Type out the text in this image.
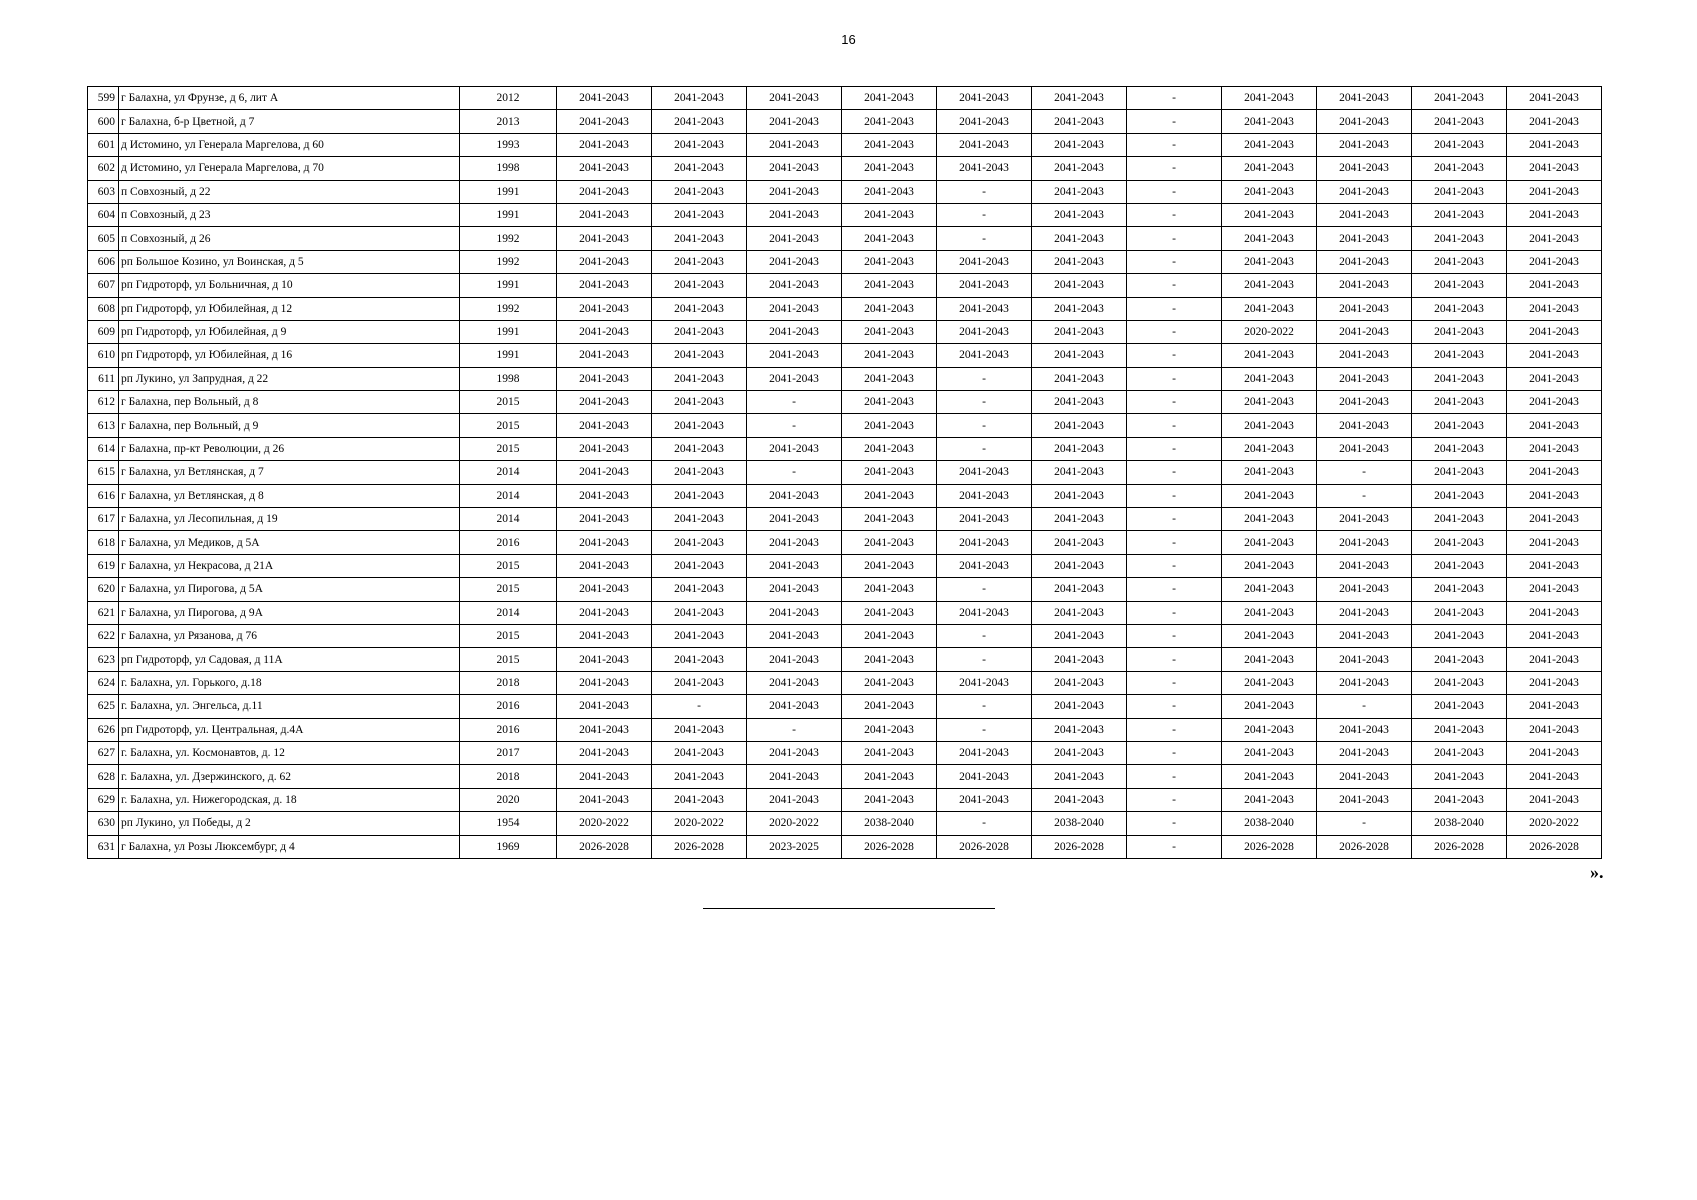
16
599	г Балахна, ул Фрунзе, д 6, лит А	2012	2041-2043	2041-2043	2041-2043	2041-2043	2041-2043	2041-2043	-	2041-2043	2041-2043	2041-2043	2041-2043
600	г Балахна, б-р Цветной, д 7	2013	2041-2043	2041-2043	2041-2043	2041-2043	2041-2043	2041-2043	-	2041-2043	2041-2043	2041-2043	2041-2043
601	д Истомино, ул Генерала Маргелова, д 60	1993	2041-2043	2041-2043	2041-2043	2041-2043	2041-2043	2041-2043	-	2041-2043	2041-2043	2041-2043	2041-2043
602	д Истомино, ул Генерала Маргелова, д 70	1998	2041-2043	2041-2043	2041-2043	2041-2043	2041-2043	2041-2043	-	2041-2043	2041-2043	2041-2043	2041-2043
603	п Совхозный, д 22	1991	2041-2043	2041-2043	2041-2043	2041-2043	-	2041-2043	-	2041-2043	2041-2043	2041-2043	2041-2043
604	п Совхозный, д 23	1991	2041-2043	2041-2043	2041-2043	2041-2043	-	2041-2043	-	2041-2043	2041-2043	2041-2043	2041-2043
605	п Совхозный, д 26	1992	2041-2043	2041-2043	2041-2043	2041-2043	-	2041-2043	-	2041-2043	2041-2043	2041-2043	2041-2043
606	рп Большое Козино, ул Воинская, д 5	1992	2041-2043	2041-2043	2041-2043	2041-2043	2041-2043	2041-2043	-	2041-2043	2041-2043	2041-2043	2041-2043
607	рп Гидроторф, ул Больничная, д 10	1991	2041-2043	2041-2043	2041-2043	2041-2043	2041-2043	2041-2043	-	2041-2043	2041-2043	2041-2043	2041-2043
608	рп Гидроторф, ул Юбилейная, д 12	1992	2041-2043	2041-2043	2041-2043	2041-2043	2041-2043	2041-2043	-	2041-2043	2041-2043	2041-2043	2041-2043
609	рп Гидроторф, ул Юбилейная, д 9	1991	2041-2043	2041-2043	2041-2043	2041-2043	2041-2043	2041-2043	-	2020-2022	2041-2043	2041-2043	2041-2043
610	рп Гидроторф, ул Юбилейная, д 16	1991	2041-2043	2041-2043	2041-2043	2041-2043	2041-2043	2041-2043	-	2041-2043	2041-2043	2041-2043	2041-2043
611	рп Лукино, ул Запрудная, д 22	1998	2041-2043	2041-2043	2041-2043	2041-2043	-	2041-2043	-	2041-2043	2041-2043	2041-2043	2041-2043
612	г Балахна, пер Вольный, д 8	2015	2041-2043	2041-2043	-	2041-2043	-	2041-2043	-	2041-2043	2041-2043	2041-2043	2041-2043
613	г Балахна, пер Вольный, д 9	2015	2041-2043	2041-2043	-	2041-2043	-	2041-2043	-	2041-2043	2041-2043	2041-2043	2041-2043
614	г Балахна, пр-кт Революции, д 26	2015	2041-2043	2041-2043	2041-2043	2041-2043	-	2041-2043	-	2041-2043	2041-2043	2041-2043	2041-2043
615	г Балахна, ул Ветлянская, д 7	2014	2041-2043	2041-2043	-	2041-2043	2041-2043	2041-2043	-	2041-2043	-	2041-2043	2041-2043
616	г Балахна, ул Ветлянская, д 8	2014	2041-2043	2041-2043	2041-2043	2041-2043	2041-2043	2041-2043	-	2041-2043	-	2041-2043	2041-2043
617	г Балахна, ул Лесопильная, д 19	2014	2041-2043	2041-2043	2041-2043	2041-2043	2041-2043	2041-2043	-	2041-2043	2041-2043	2041-2043	2041-2043
618	г Балахна, ул Медиков, д 5А	2016	2041-2043	2041-2043	2041-2043	2041-2043	2041-2043	2041-2043	-	2041-2043	2041-2043	2041-2043	2041-2043
619	г Балахна, ул Некрасова, д 21А	2015	2041-2043	2041-2043	2041-2043	2041-2043	2041-2043	2041-2043	-	2041-2043	2041-2043	2041-2043	2041-2043
620	г Балахна, ул Пирогова, д 5А	2015	2041-2043	2041-2043	2041-2043	2041-2043	-	2041-2043	-	2041-2043	2041-2043	2041-2043	2041-2043
621	г Балахна, ул Пирогова, д 9А	2014	2041-2043	2041-2043	2041-2043	2041-2043	2041-2043	2041-2043	-	2041-2043	2041-2043	2041-2043	2041-2043
622	г Балахна, ул Рязанова, д 76	2015	2041-2043	2041-2043	2041-2043	2041-2043	-	2041-2043	-	2041-2043	2041-2043	2041-2043	2041-2043
623	рп Гидроторф, ул Садовая, д 11А	2015	2041-2043	2041-2043	2041-2043	2041-2043	-	2041-2043	-	2041-2043	2041-2043	2041-2043	2041-2043
624	г. Балахна, ул. Горького, д.18	2018	2041-2043	2041-2043	2041-2043	2041-2043	2041-2043	2041-2043	-	2041-2043	2041-2043	2041-2043	2041-2043
625	г. Балахна, ул. Энгельса, д.11	2016	2041-2043	-	2041-2043	2041-2043	-	2041-2043	-	2041-2043	-	2041-2043	2041-2043
626	рп Гидроторф, ул. Центральная, д.4А	2016	2041-2043	2041-2043	-	2041-2043	-	2041-2043	-	2041-2043	2041-2043	2041-2043	2041-2043
627	г. Балахна, ул. Космонавтов, д. 12	2017	2041-2043	2041-2043	2041-2043	2041-2043	2041-2043	2041-2043	-	2041-2043	2041-2043	2041-2043	2041-2043
628	г. Балахна, ул. Дзержинского, д. 62	2018	2041-2043	2041-2043	2041-2043	2041-2043	2041-2043	2041-2043	-	2041-2043	2041-2043	2041-2043	2041-2043
629	г. Балахна, ул. Нижегородская, д. 18	2020	2041-2043	2041-2043	2041-2043	2041-2043	2041-2043	2041-2043	-	2041-2043	2041-2043	2041-2043	2041-2043
630	рп Лукино, ул Победы, д 2	1954	2020-2022	2020-2022	2020-2022	2038-2040	-	2038-2040	-	2038-2040	-	2038-2040	2020-2022
631	г Балахна, ул Розы Люксембург, д 4	1969	2026-2028	2026-2028	2023-2025	2026-2028	2026-2028	2026-2028	-	2026-2028	2026-2028	2026-2028	2026-2028
».
